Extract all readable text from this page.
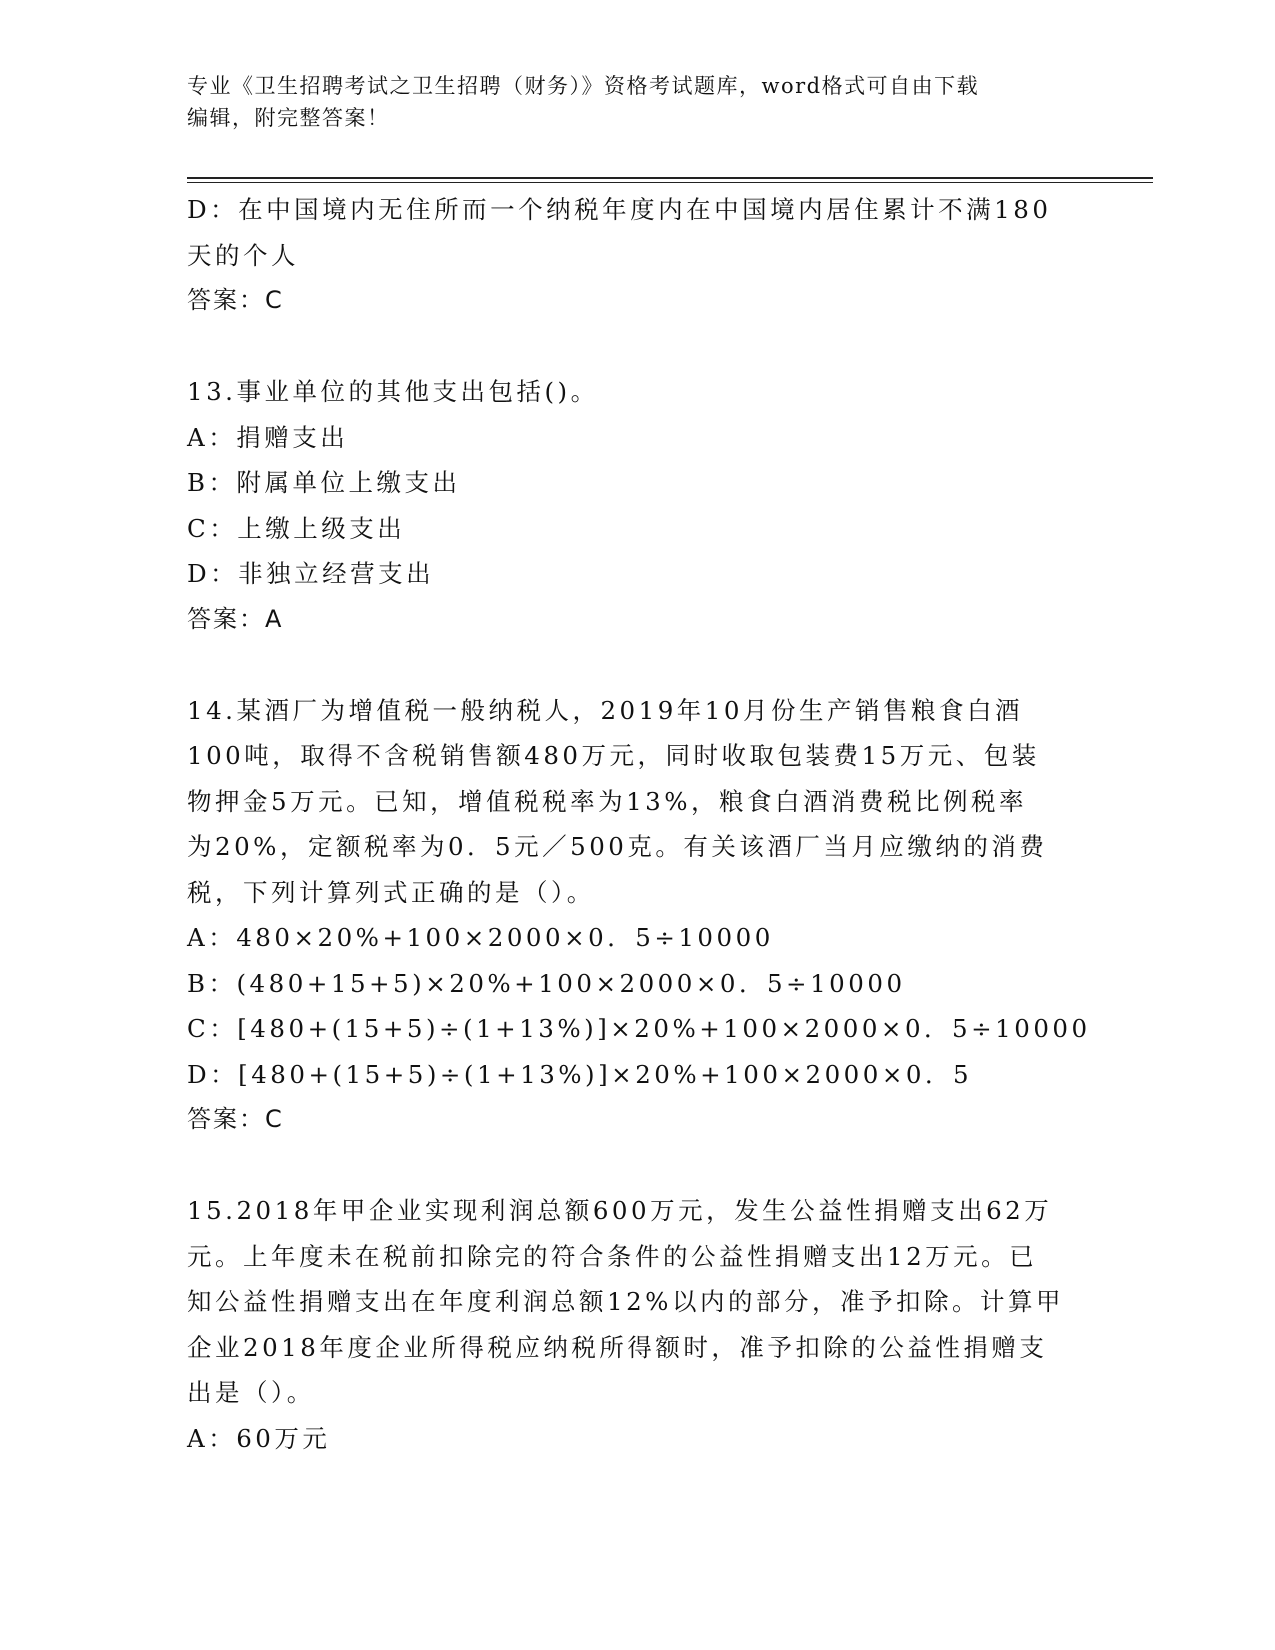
专业《卫生招聘考试之卫生招聘（财务）》资格考试题库，word格式可自由下载
编辑，附完整答案！
D：在中国境内无住所而一个纳税年度内在中国境内居住累计不满180
天的个人
答案：C
13.事业单位的其他支出包括()。
A：捐赠支出
B：附属单位上缴支出
C：上缴上级支出
D：非独立经营支出
答案：A
14.某酒厂为增值税一般纳税人，2019年10月份生产销售粮食白酒
100吨，取得不含税销售额480万元，同时收取包装费15万元、包装
物押金5万元。已知，增值税税率为13%，粮食白酒消费税比例税率
为20%，定额税率为0．5元／500克。有关该酒厂当月应缴纳的消费
税，下列计算列式正确的是（）。
A：480×20%+100×2000×0．5÷10000
B：(480+15+5)×20%+100×2000×0．5÷10000
C：[480+(15+5)÷(1+13%)]×20%+100×2000×0．5÷10000
D：[480+(15+5)÷(1+13%)]×20%+100×2000×0．5
答案：C
15.2018年甲企业实现利润总额600万元，发生公益性捐赠支出62万
元。上年度未在税前扣除完的符合条件的公益性捐赠支出12万元。已
知公益性捐赠支出在年度利润总额12%以内的部分，准予扣除。计算甲
企业2018年度企业所得税应纳税所得额时，准予扣除的公益性捐赠支
出是（）。
A：60万元
